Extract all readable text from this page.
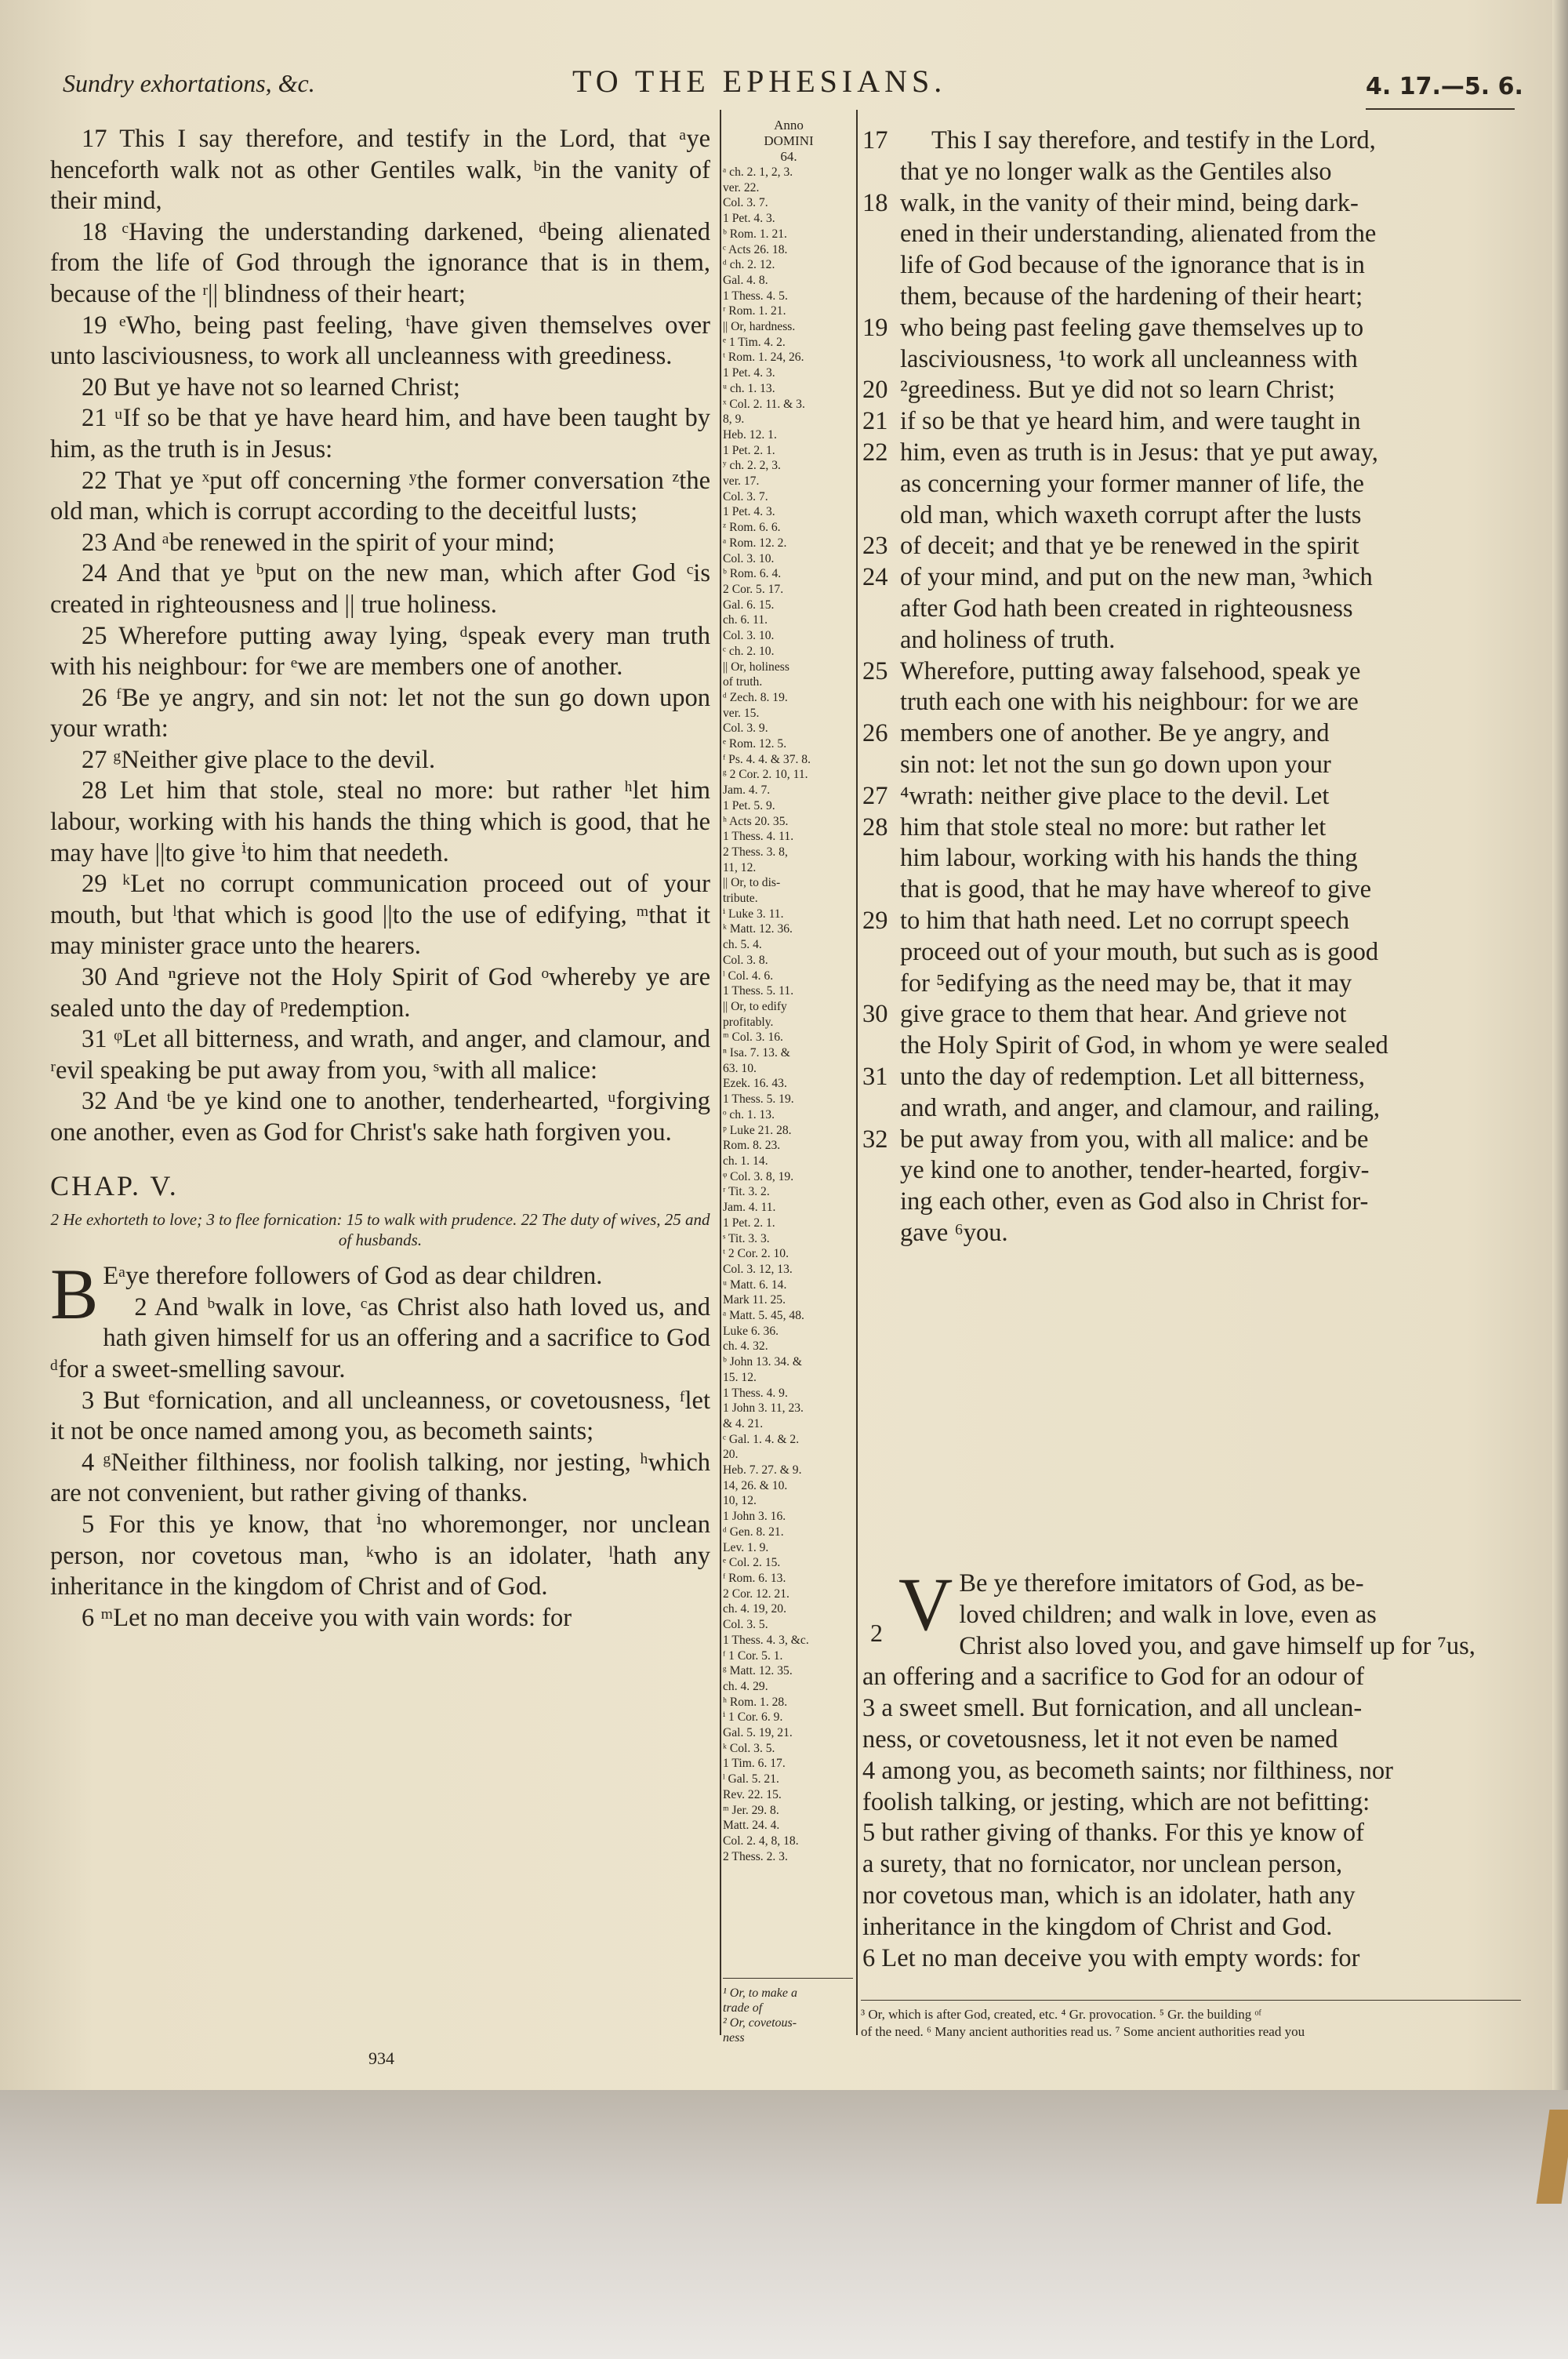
Sundry exhortations, &c.	TO THE EPHESIANS.	4. 17.—5. 6.

17 This I say therefore, and testify in the Lord, that ᵃye henceforth walk not as other Gentiles walk, ᵇin the vanity of their mind,

18 ᶜHaving the understanding darkened, ᵈbeing alienated from the life of God through the ignorance that is in them, because of the ʳ|| blindness of their heart;

19 ᵉWho, being past feeling, ᵗhave given themselves over unto lasciviousness, to work all uncleanness with greediness.

20 But ye have not so learned Christ;

21 ᵘIf so be that ye have heard him, and have been taught by him, as the truth is in Jesus:

22 That ye ˣput off concerning ʸthe former conversation ᶻthe old man, which is corrupt according to the deceitful lusts;

23 And ᵃbe renewed in the spirit of your mind;

24 And that ye ᵇput on the new man, which after God ᶜis created in righteousness and || true holiness.

25 Wherefore putting away lying, ᵈspeak every man truth with his neighbour: for ᵉwe are members one of another.

26 ᶠBe ye angry, and sin not: let not the sun go down upon your wrath:

27 ᵍNeither give place to the devil.

28 Let him that stole, steal no more: but rather ʰlet him labour, working with his hands the thing which is good, that he may have ||to give ⁱto him that needeth.

29 ᵏLet no corrupt communication proceed out of your mouth, but ˡthat which is good ||to the use of edifying, ᵐthat it may minister grace unto the hearers.

30 And ⁿgrieve not the Holy Spirit of God ᵒwhereby ye are sealed unto the day of ᵖredemption.

31 ᵠLet all bitterness, and wrath, and anger, and clamour, and ʳevil speaking be put away from you, ˢwith all malice:

32 And ᵗbe ye kind one to another, tenderhearted, ᵘforgiving one another, even as God for Christ's sake hath forgiven you.

CHAP. V.

2 He exhorteth to love; 3 to flee fornication: 15 to walk with prudence. 22 The duty of wives, 25 and of husbands.

B Eᵃye therefore followers of God as dear children.

2 And ᵇwalk in love, ᶜas Christ also hath loved us, and hath given himself for us an offering and a sacrifice to God ᵈfor a sweet-smelling savour.

3 But ᵉfornication, and all uncleanness, or covetousness, ᶠlet it not be once named among you, as becometh saints;

4 ᵍNeither filthiness, nor foolish talking, nor jesting, ʰwhich are not convenient, but rather giving of thanks.

5 For this ye know, that ⁱno whoremonger, nor unclean person, nor covetous man, ᵏwho is an idolater, ˡhath any inheritance in the kingdom of Christ and of God.

6 ᵐLet no man deceive you with vain words: for

Anno
DOMINI
64.
ᵃ ch. 2. 1, 2, 3.
ver. 22.
Col. 3. 7.
1 Pet. 4. 3.
ᵇ Rom. 1. 21.
ᶜ Acts 26. 18.
ᵈ ch. 2. 12.
Gal. 4. 8.
1 Thess. 4. 5.
ʳ Rom. 1. 21.
|| Or, hardness.
ᵉ 1 Tim. 4. 2.
ᵗ Rom. 1. 24, 26.
1 Pet. 4. 3.
ᵘ ch. 1. 13.
ˣ Col. 2. 11. & 3.
8, 9.
Heb. 12. 1.
1 Pet. 2. 1.
ʸ ch. 2. 2, 3.
ver. 17.
Col. 3. 7.
1 Pet. 4. 3.
ᶻ Rom. 6. 6.
ᵃ Rom. 12. 2.
Col. 3. 10.
ᵇ Rom. 6. 4.
2 Cor. 5. 17.
Gal. 6. 15.
ch. 6. 11.
Col. 3. 10.
ᶜ ch. 2. 10.
|| Or, holiness
of truth.
ᵈ Zech. 8. 19.
ver. 15.
Col. 3. 9.
ᵉ Rom. 12. 5.
ᶠ Ps. 4. 4. & 37. 8.
ᵍ 2 Cor. 2. 10, 11.
Jam. 4. 7.
1 Pet. 5. 9.
ʰ Acts 20. 35.
1 Thess. 4. 11.
2 Thess. 3. 8,
11, 12.
|| Or, to dis-
tribute.
ⁱ Luke 3. 11.
ᵏ Matt. 12. 36.
ch. 5. 4.
Col. 3. 8.
ˡ Col. 4. 6.
1 Thess. 5. 11.
|| Or, to edify
profitably.
ᵐ Col. 3. 16.
ⁿ Isa. 7. 13. &
63. 10.
Ezek. 16. 43.
1 Thess. 5. 19.
ᵒ ch. 1. 13.
ᵖ Luke 21. 28.
Rom. 8. 23.
ch. 1. 14.
ᵠ Col. 3. 8, 19.
ʳ Tit. 3. 2.
Jam. 4. 11.
1 Pet. 2. 1.
ˢ Tit. 3. 3.
ᵗ 2 Cor. 2. 10.
Col. 3. 12, 13.
ᵘ Matt. 6. 14.
Mark 11. 25.
ᵃ Matt. 5. 45, 48.
Luke 6. 36.
ch. 4. 32.
ᵇ John 13. 34. &
15. 12.
1 Thess. 4. 9.
1 John 3. 11, 23.
& 4. 21.
ᶜ Gal. 1. 4. & 2.
20.
Heb. 7. 27. & 9.
14, 26. & 10.
10, 12.
1 John 3. 16.
ᵈ Gen. 8. 21.
Lev. 1. 9.
ᵉ Col. 2. 15.
ᶠ Rom. 6. 13.
2 Cor. 12. 21.
ch. 4. 19, 20.
Col. 3. 5.
1 Thess. 4. 3, &c.
ᶠ 1 Cor. 5. 1.
ᵍ Matt. 12. 35.
ch. 4. 29.
ʰ Rom. 1. 28.
ⁱ 1 Cor. 6. 9.
Gal. 5. 19, 21.
ᵏ Col. 3. 5.
1 Tim. 6. 17.
ˡ Gal. 5. 21.
Rev. 22. 15.
ᵐ Jer. 29. 8.
Matt. 24. 4.
Col. 2. 4, 8, 18.
2 Thess. 2. 3.
¹ Or, to make a
trade of
² Or, covetous-
ness
17 This I say therefore, and testify in the Lord,
that ye no longer walk as the Gentiles also
18 walk, in the vanity of their mind, being dark-
ened in their understanding, alienated from the
life of God because of the ignorance that is in
them, because of the hardening of their heart;
19 who being past feeling gave themselves up to
lasciviousness, ¹to work all uncleanness with
20 ²greediness. But ye did not so learn Christ;
21 if so be that ye heard him, and were taught in
22 him, even as truth is in Jesus: that ye put away,
as concerning your former manner of life, the
old man, which waxeth corrupt after the lusts
23 of deceit; and that ye be renewed in the spirit
24 of your mind, and put on the new man, ³which
after God hath been created in righteousness
and holiness of truth.
25 Wherefore, putting away falsehood, speak ye
truth each one with his neighbour: for we are
26 members one of another. Be ye angry, and
sin not: let not the sun go down upon your
27 ⁴wrath: neither give place to the devil. Let
28 him that stole steal no more: but rather let
him labour, working with his hands the thing
that is good, that he may have whereof to give
29 to him that hath need. Let no corrupt speech
proceed out of your mouth, but such as is good
for ⁵edifying as the need may be, that it may
30 give grace to them that hear. And grieve not
the Holy Spirit of God, in whom ye were sealed
31 unto the day of redemption. Let all bitterness,
and wrath, and anger, and clamour, and railing,
32 be put away from you, with all malice: and be
ye kind one to another, tender-hearted, forgiv-
ing each other, even as God also in Christ for-
gave ⁶you.
V Be ye therefore imitators of God, as be-
loved children; and walk in love, even as
Christ also loved you, and gave himself up for ⁷us,
an offering and a sacrifice to God for an odour of
3 a sweet smell. But fornication, and all unclean-
ness, or covetousness, let it not even be named
4 among you, as becometh saints; nor filthiness, nor
foolish talking, or jesting, which are not befitting:
5 but rather giving of thanks. For this ye know of
a surety, that no fornicator, nor unclean person,
nor covetous man, which is an idolater, hath any
inheritance in the kingdom of Christ and God.
6 Let no man deceive you with empty words: for
2
³ Or, which is after God, created, etc. ⁴ Gr. provocation. ⁵ Gr. the building ᵒᶠ
of the need. ⁶ Many ancient authorities read us. ⁷ Some ancient authorities read you
934
